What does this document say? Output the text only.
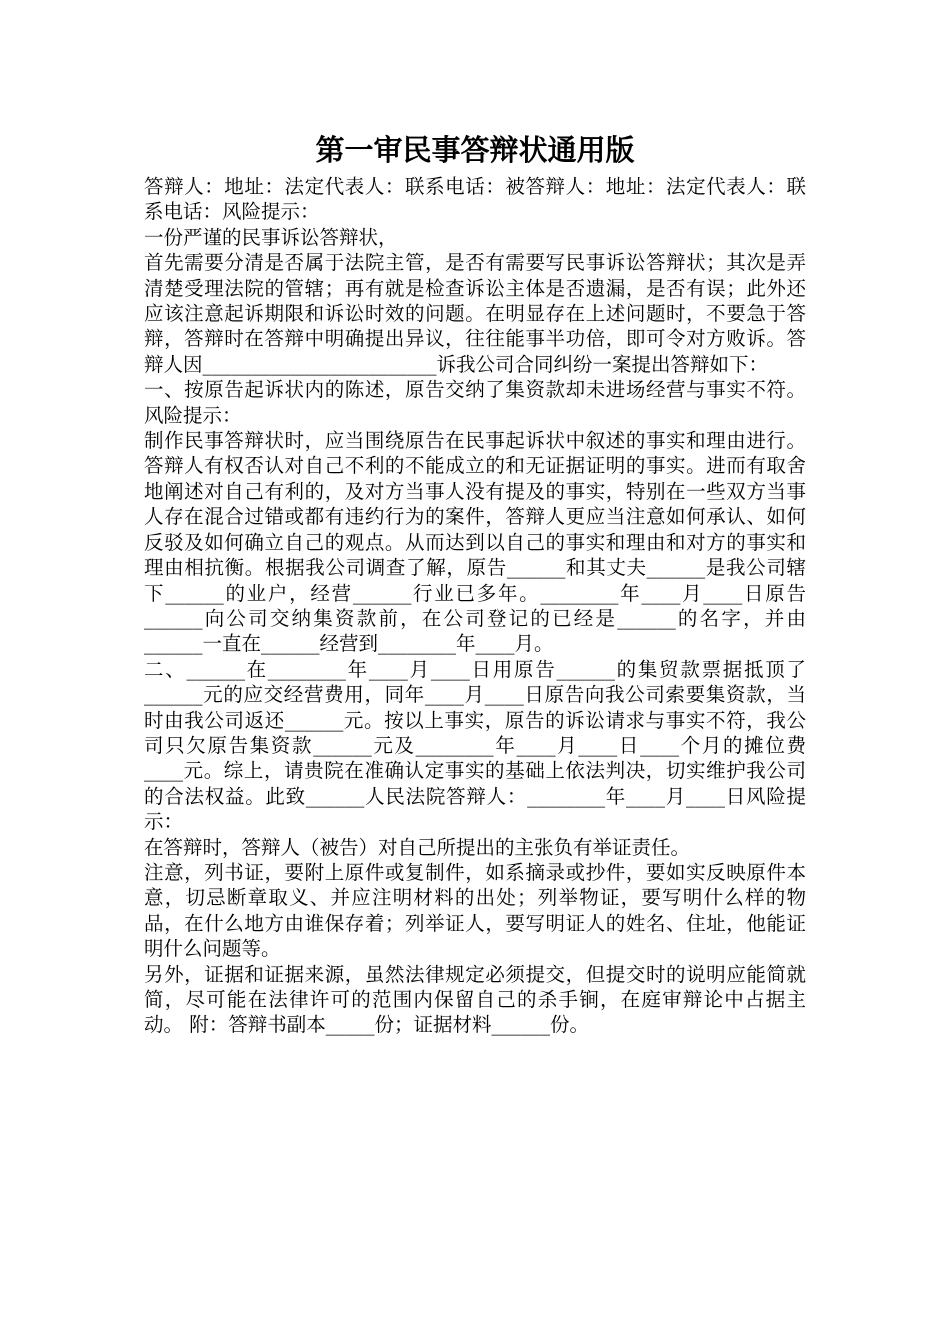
第一审民事答辩状通用版

答辩人：地址：法定代表人：联系电话：被答辩人：地址：法定代表人：联系电话：风险提示：

一份严谨的民事诉讼答辩状，

首先需要分清是否属于法院主管，是否有需要写民事诉讼答辩状；其次是弄清楚受理法院的管辖；再有就是检查诉讼主体是否遗漏，是否有误；此外还应该注意起诉期限和诉讼时效的问题。在明显存在上述问题时，不要急于答辩，答辩时在答辩中明确提出异议，往往能事半功倍，即可令对方败诉。答辩人因________________________诉我公司合同纠纷一案提出答辩如下：

一、按原告起诉状内的陈述，原告交纳了集资款却未进场经营与事实不符。风险提示：

制作民事答辩状时，应当围绕原告在民事起诉状中叙述的事实和理由进行。答辩人有权否认对自己不利的不能成立的和无证据证明的事实。进而有取舍地阐述对自己有利的，及对方当事人没有提及的事实，特别在一些双方当事人存在混合过错或都有违约行为的案件，答辩人更应当注意如何承认、如何反驳及如何确立自己的观点。从而达到以自己的事实和理由和对方的事实和理由相抗衡。根据我公司调查了解，原告______和其丈夫______是我公司辖下______的业户，经营______行业已多年。________年____月____日原告______向公司交纳集资款前，在公司登记的已经是______的名字，并由______一直在______经营到________年____月。

二、______在________年____月____日用原告______的集贸款票据抵顶了______元的应交经营费用，同年____月____日原告向我公司索要集资款，当时由我公司返还______元。按以上事实，原告的诉讼请求与事实不符，我公司只欠原告集资款______元及________年____月____日____个月的摊位费____元。综上，请贵院在准确认定事实的基础上依法判决，切实维护我公司的合法权益。此致______人民法院答辩人：________年____月____日风险提示：

在答辩时，答辩人（被告）对自己所提出的主张负有举证责任。

注意，列书证，要附上原件或复制件，如系摘录或抄件，要如实反映原件本意，切忌断章取义、并应注明材料的出处；列举物证，要写明什么样的物品，在什么地方由谁保存着；列举证人，要写明证人的姓名、住址，他能证明什么问题等。

另外，证据和证据来源，虽然法律规定必须提交，但提交时的说明应能简就简，尽可能在法律许可的范围内保留自己的杀手锏，在庭审辩论中占据主动。 附：答辩书副本_____份；证据材料______份。
